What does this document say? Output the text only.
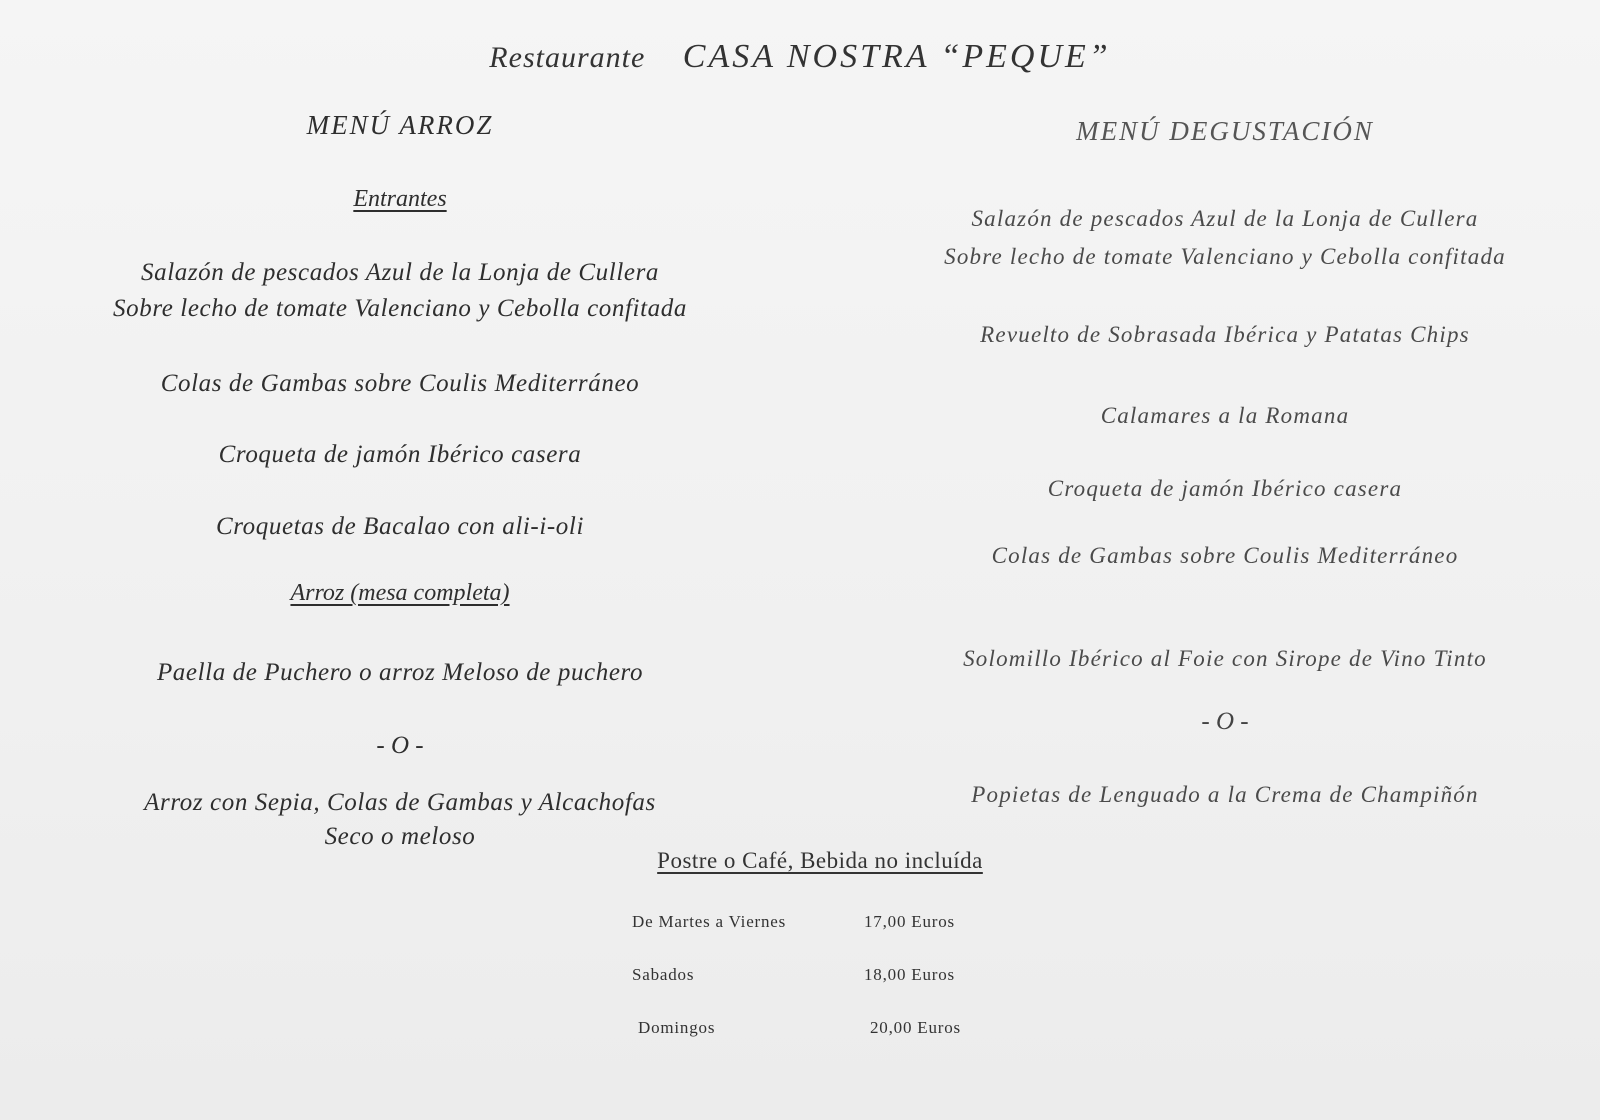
Restaurante CASA NOSTRA “PEQUE”
MENÚ ARROZ
Entrantes
Salazón de pescados Azul de la Lonja de Cullera
Sobre lecho de tomate Valenciano y Cebolla confitada
Colas de Gambas sobre Coulis Mediterráneo
Croqueta de jamón Ibérico casera
Croquetas de Bacalao con ali-i-oli
Arroz (mesa completa)
Paella de Puchero o arroz Meloso de puchero
- O -
Arroz con Sepia, Colas de Gambas y Alcachofas
Seco o meloso
MENÚ DEGUSTACIÓN
Salazón de pescados Azul de la Lonja de Cullera
Sobre lecho de tomate Valenciano y Cebolla confitada
Revuelto de Sobrasada Ibérica y Patatas Chips
Calamares a la Romana
Croqueta de jamón Ibérico casera
Colas de Gambas sobre Coulis Mediterráneo
Solomillo Ibérico al Foie con Sirope de Vino Tinto
- O -
Popietas de Lenguado a la Crema de Champiñón
Postre o Café, Bebida no incluída
De Martes a Viernes	17,00 Euros
Sabados	18,00 Euros
Domingos	20,00 Euros
